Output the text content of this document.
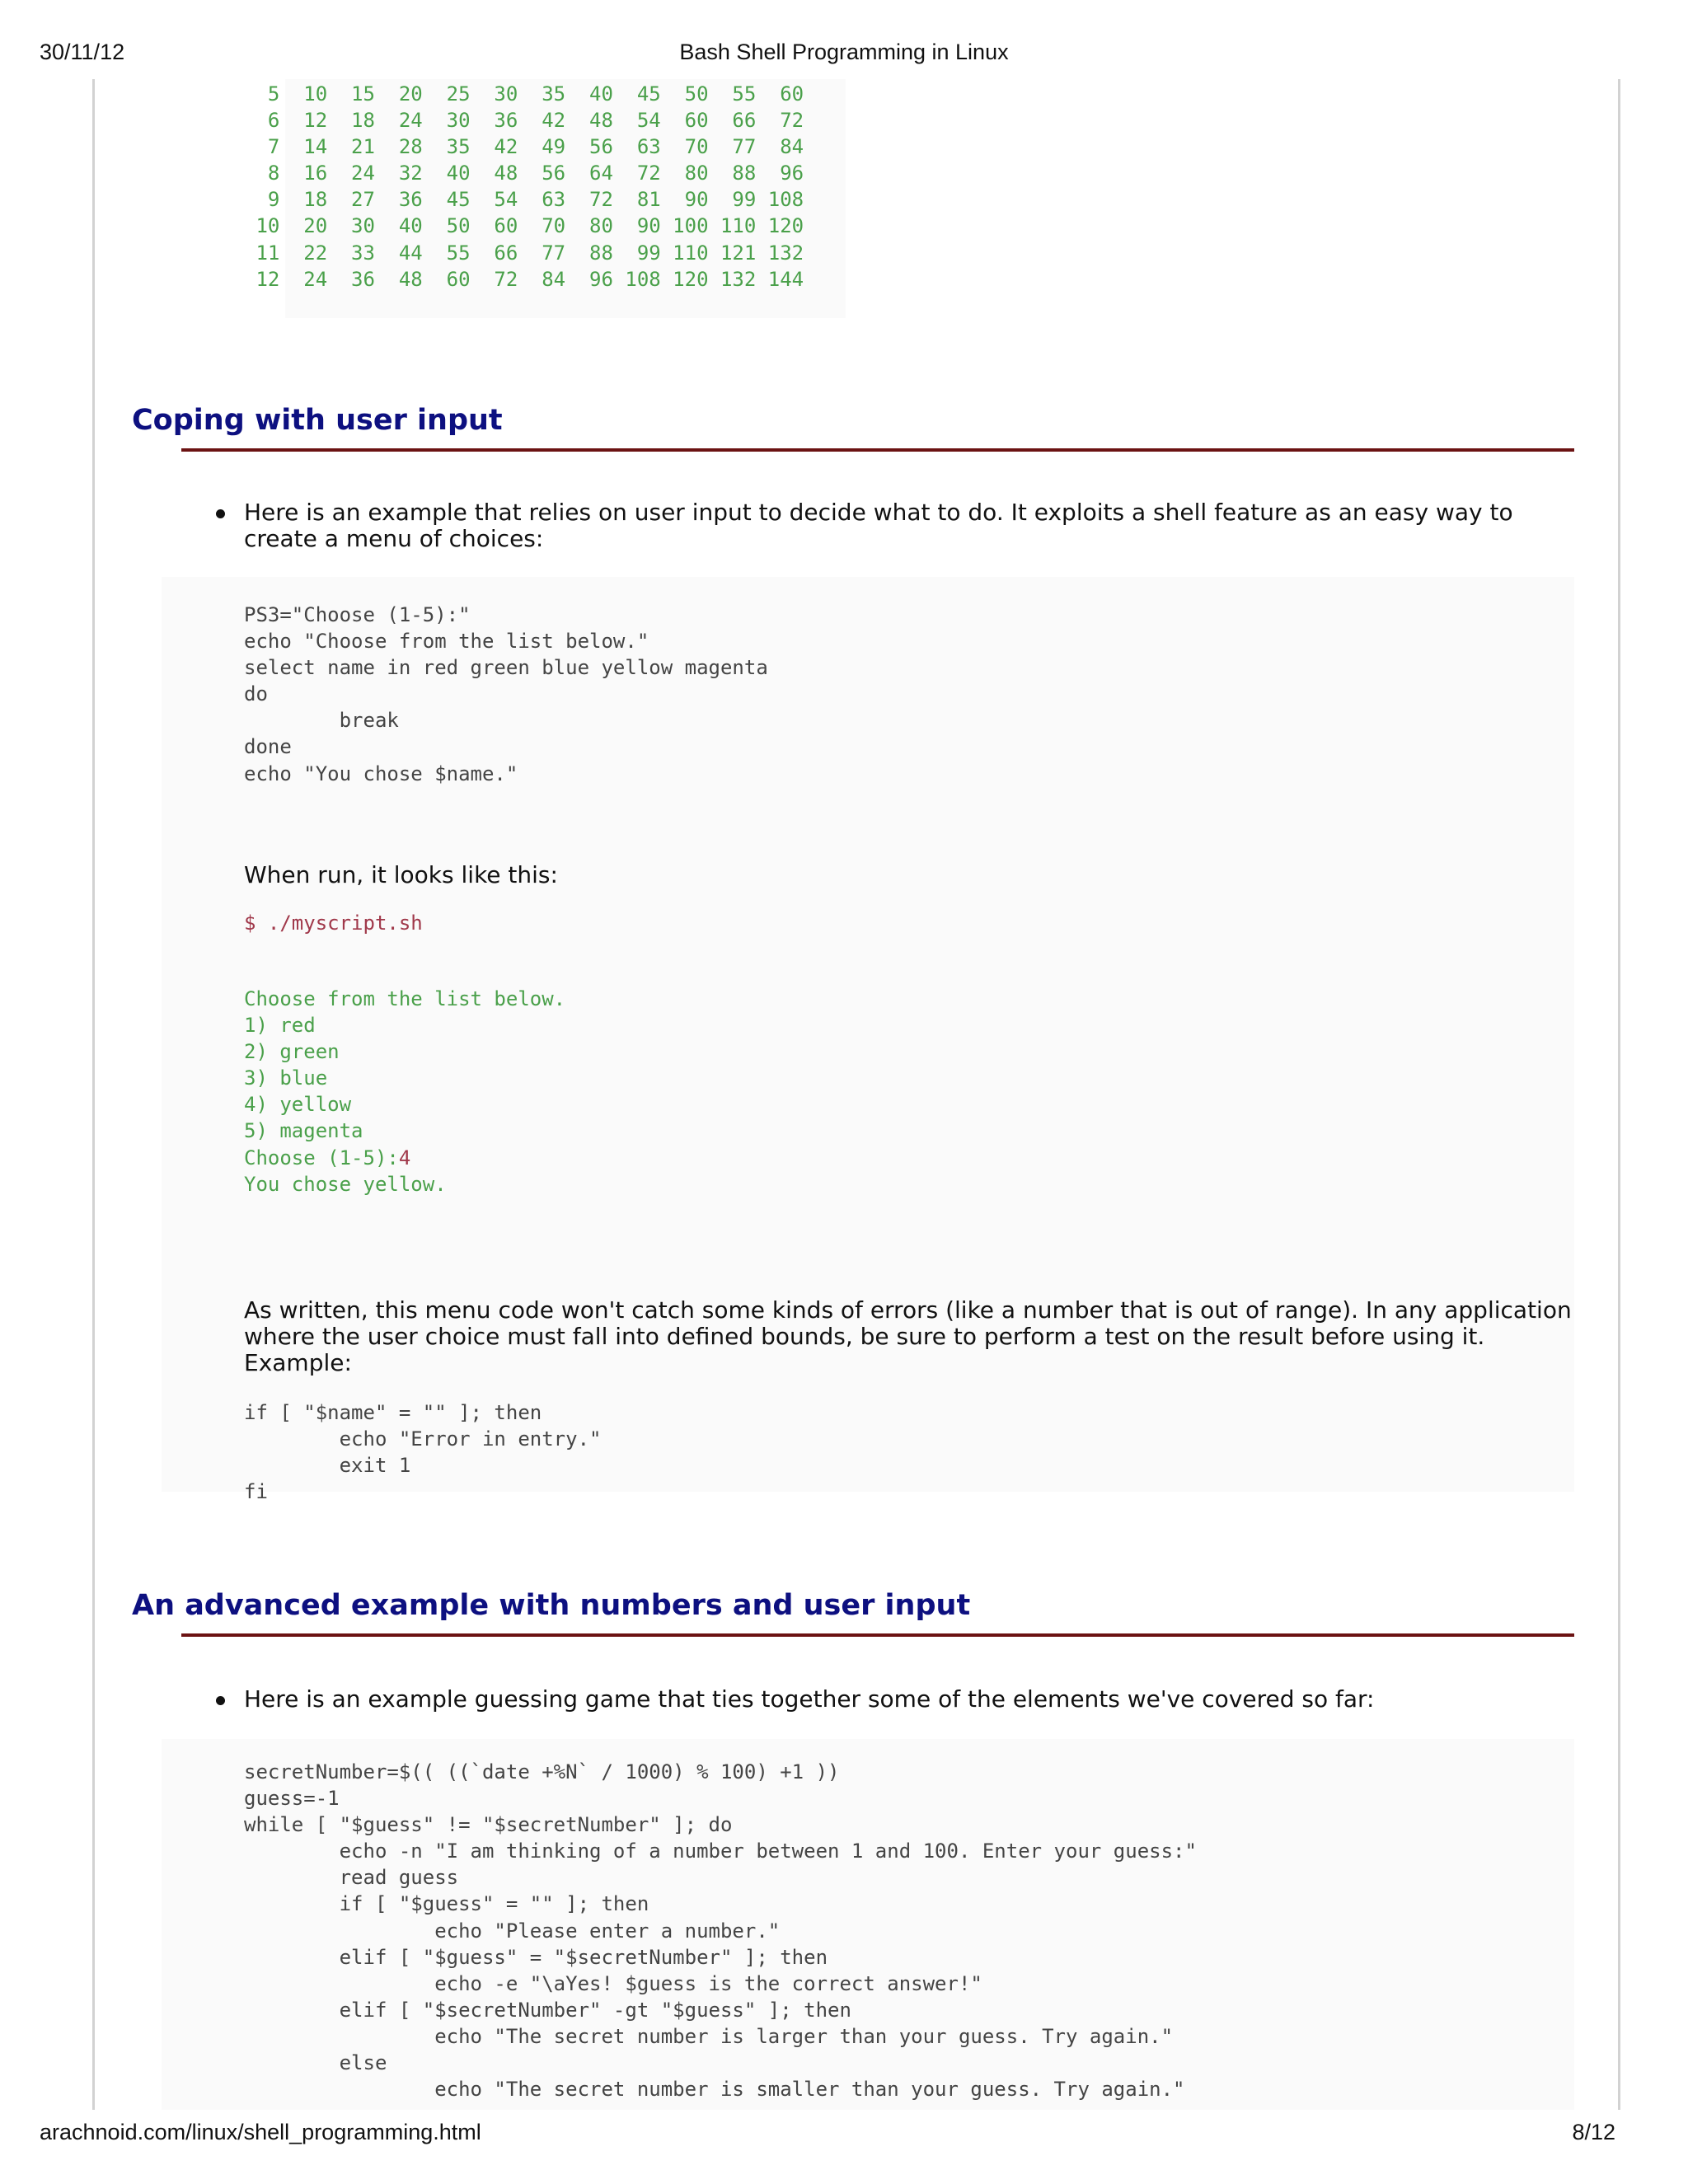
30/11/12	Bash Shell Programming in Linux
5  10  15  20  25  30  35  40  45  50  55  60
6  12  18  24  30  36  42  48  54  60  66  72
7  14  21  28  35  42  49  56  63  70  77  84
8  16  24  32  40  48  56  64  72  80  88  96
9  18  27  36  45  54  63  72  81  90  99 108
10  20  30  40  50  60  70  80  90 100 110 120
11  22  33  44  55  66  77  88  99 110 121 132
12  24  36  48  60  72  84  96 108 120 132 144
Coping with user input
Here is an example that relies on user input to decide what to do. It exploits a shell feature as an easy way to create a menu of choices:
PS3="Choose (1-5):"
echo "Choose from the list below."
select name in red green blue yellow magenta
do
break
done
echo "You chose $name."
When run, it looks like this:
$ ./myscript.sh
Choose from the list below.
1) red
2) green
3) blue
4) yellow
5) magenta
Choose (1-5):4
You chose yellow.
As written, this menu code won't catch some kinds of errors (like a number that is out of range). In any application where the user choice must fall into defined bounds, be sure to perform a test on the result before using it. Example:
if [ "$name" = "" ]; then
echo "Error in entry."
exit 1
fi
An advanced example with numbers and user input
Here is an example guessing game that ties together some of the elements we've covered so far:
secretNumber=$(( ((`date +%N` / 1000) % 100) +1 ))
guess=-1
while [ "$guess" != "$secretNumber" ]; do
echo -n "I am thinking of a number between 1 and 100. Enter your guess:"
read guess
if [ "$guess" = "" ]; then
echo "Please enter a number."
elif [ "$guess" = "$secretNumber" ]; then
echo -e "\aYes! $guess is the correct answer!"
elif [ "$secretNumber" -gt "$guess" ]; then
echo "The secret number is larger than your guess. Try again."
else
echo "The secret number is smaller than your guess. Try again."
arachnoid.com/linux/shell_programming.html	8/12
